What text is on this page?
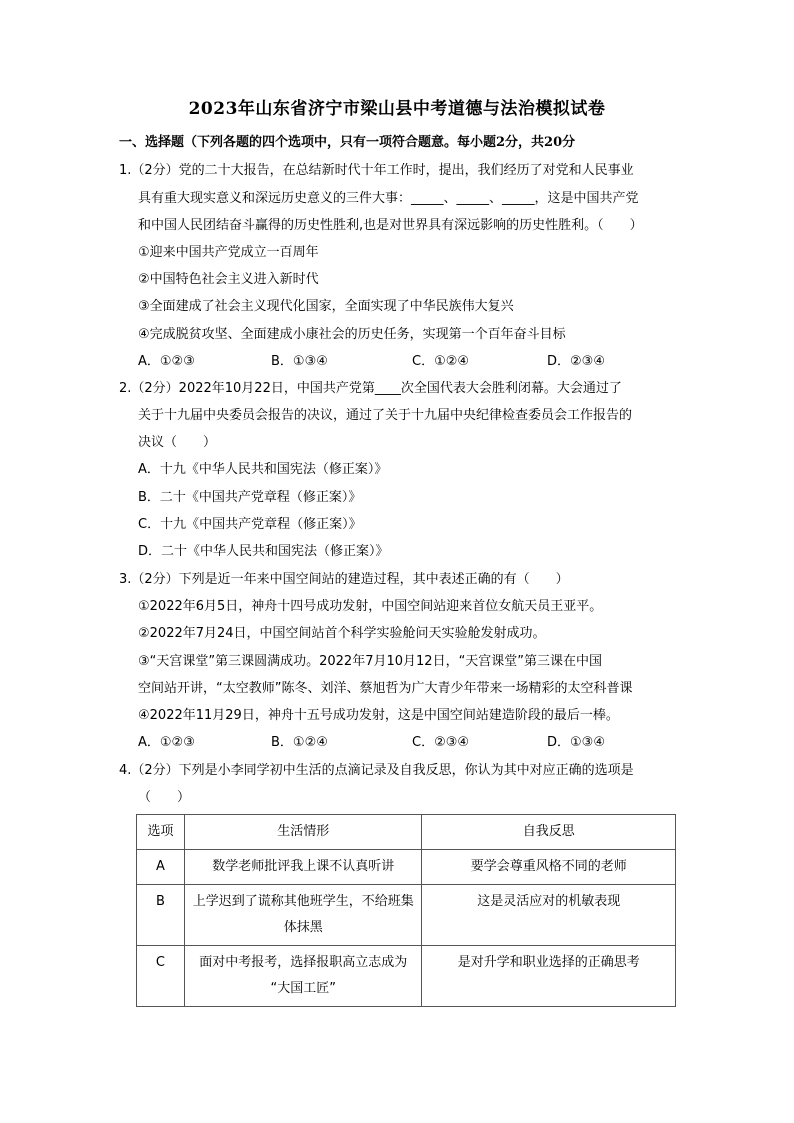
2023年山东省济宁市梁山县中考道德与法治模拟试卷
一、选择题（下列各题的四个选项中，只有一项符合题意。每小题2分，共20分
1.（2分）党的二十大报告，在总结新时代十年工作时，提出，我们经历了对党和人民事业
具有重大现实意义和深远历史意义的三件大事：_____、_____、_____，这是中国共产党
和中国人民团结奋斗赢得的历史性胜利,也是对世界具有深远影响的历史性胜利。（　　）
①迎来中国共产党成立一百周年
②中国特色社会主义进入新时代
③全面建成了社会主义现代化国家，全面实现了中华民族伟大复兴
④完成脱贫攻坚、全面建成小康社会的历史任务，实现第一个百年奋斗目标
A．①②③	B．①③④	C．①②④	D．②③④
2.（2分）2022年10月22日，中国共产党第____次全国代表大会胜利闭幕。大会通过了
关于十九届中央委员会报告的决议，通过了关于十九届中央纪律检查委员会工作报告的
决议（　　）
A．十九《中华人民共和国宪法（修正案）》
B．二十《中国共产党章程（修正案）》
C．十九《中国共产党章程（修正案）》
D．二十《中华人民共和国宪法（修正案）》
3.（2分）下列是近一年来中国空间站的建造过程，其中表述正确的有（　　）
①2022年6月5日，神舟十四号成功发射，中国空间站迎来首位女航天员王亚平。
②2022年7月24日，中国空间站首个科学实验舱问天实验舱发射成功。
③“天宫课堂”第三课圆满成功。2022年7月10月12日，“天宫课堂”第三课在中国
空间站开讲，“太空教师”陈冬、刘洋、蔡旭哲为广大青少年带来一场精彩的太空科普课
④2022年11月29日，神舟十五号成功发射，这是中国空间站建造阶段的最后一棒。
A．①②③	B．①②④	C．②③④	D．①③④
4.（2分）下列是小李同学初中生活的点滴记录及自我反思，你认为其中对应正确的选项是
（　　）
选项	生活情形	自我反思
A	数学老师批评我上课不认真听讲	要学会尊重风格不同的老师
B	上学迟到了谎称其他班学生，不给班集
体抹黑	这是灵活应对的机敏表现
C	面对中考报考，选择报职高立志成为
“大国工匠”	是对升学和职业选择的正确思考
